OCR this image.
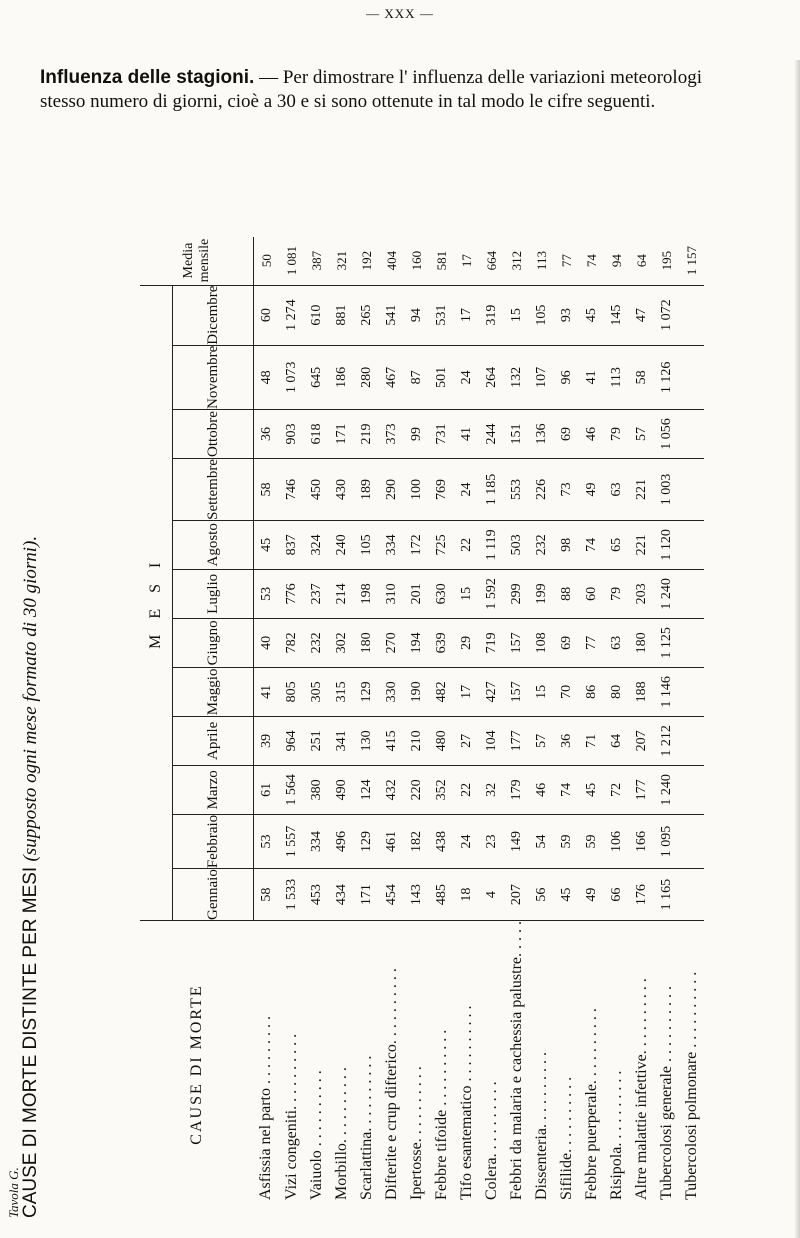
— XXX —
Influenza delle stagioni. — Per dimostrare l' influenza delle variazioni meteorologi
stesso numero di giorni, cioè a 30 e si sono ottenute in tal modo le cifre seguenti.
Tavola G. CAUSE DI MORTE DISTINTE PER MESI (supposto ogni mese formato di 30 giorni).
CAUSE DI MORTE	M E S I												Media mensile
	Gennaio	Febbraio	Marzo	Aprile	Maggio	Giugno	Luglio	Agosto	Settembre	Ottobre	Novembre	Dicembre	
Asfissia nel parto . . . . . . . . .	58	53	61	39	41	40	53	45	58	36	48	60	50
Vizi congeniti. . . . . . . . . .	1 533	1 557	1 564	964	805	782	776	837	746	903	1 073	1 274	1 081
Vaiuolo . . . . . . . . . .	453	334	380	251	305	232	237	324	450	618	645	610	387
Morbillo. . . . . . . . . .	434	496	490	341	315	302	214	240	430	171	186	881	321
Scarlattina. . . . . . . . . .	171	129	124	130	129	180	198	105	189	219	280	265	192
Difterite e crup difterico. . . . . . . . . .	454	461	432	415	330	270	310	334	290	373	467	541	404
Ipertosse. . . . . . . . . .	143	182	220	210	190	194	201	172	100	99	87	94	160
Febbre tifoide . . . . . . . . . .	485	438	352	480	482	639	630	725	769	731	501	531	581
Tifo esantematico . . . . . . . . . .	18	24	22	27	17	29	15	22	24	41	24	17	17
Colera. . . . . . . . . .	4	23	32	104	427	719	1 592	1 119	1 185	244	264	319	664
Febbri da malaria e cachessia palustre. . . . .	207	149	179	177	157	157	299	503	553	151	132	15	312
Dissenteria. . . . . . . . . .	56	54	46	57	15	108	199	232	226	136	107	105	113
Sifilide. . . . . . . . . .	45	59	74	36	70	69	88	98	73	69	96	93	77
Febbre puerperale. . . . . . . . . .	49	59	45	71	86	77	60	74	49	46	41	45	74
Risipola. . . . . . . . . .	66	106	72	64	80	63	79	65	63	79	113	145	94
Altre malattie infettive. . . . . . . . . .	176	166	177	207	188	180	203	221	221	57	58	47	64
Tubercolosi generale . . . . . . . . . .	1 165	1 095	1 240	1 212	1 146	1 125	1 240	1 120	1 003	1 056	1 126	1 072	195
Tubercolosi polmonare . . . . . . . . . .													1 157
